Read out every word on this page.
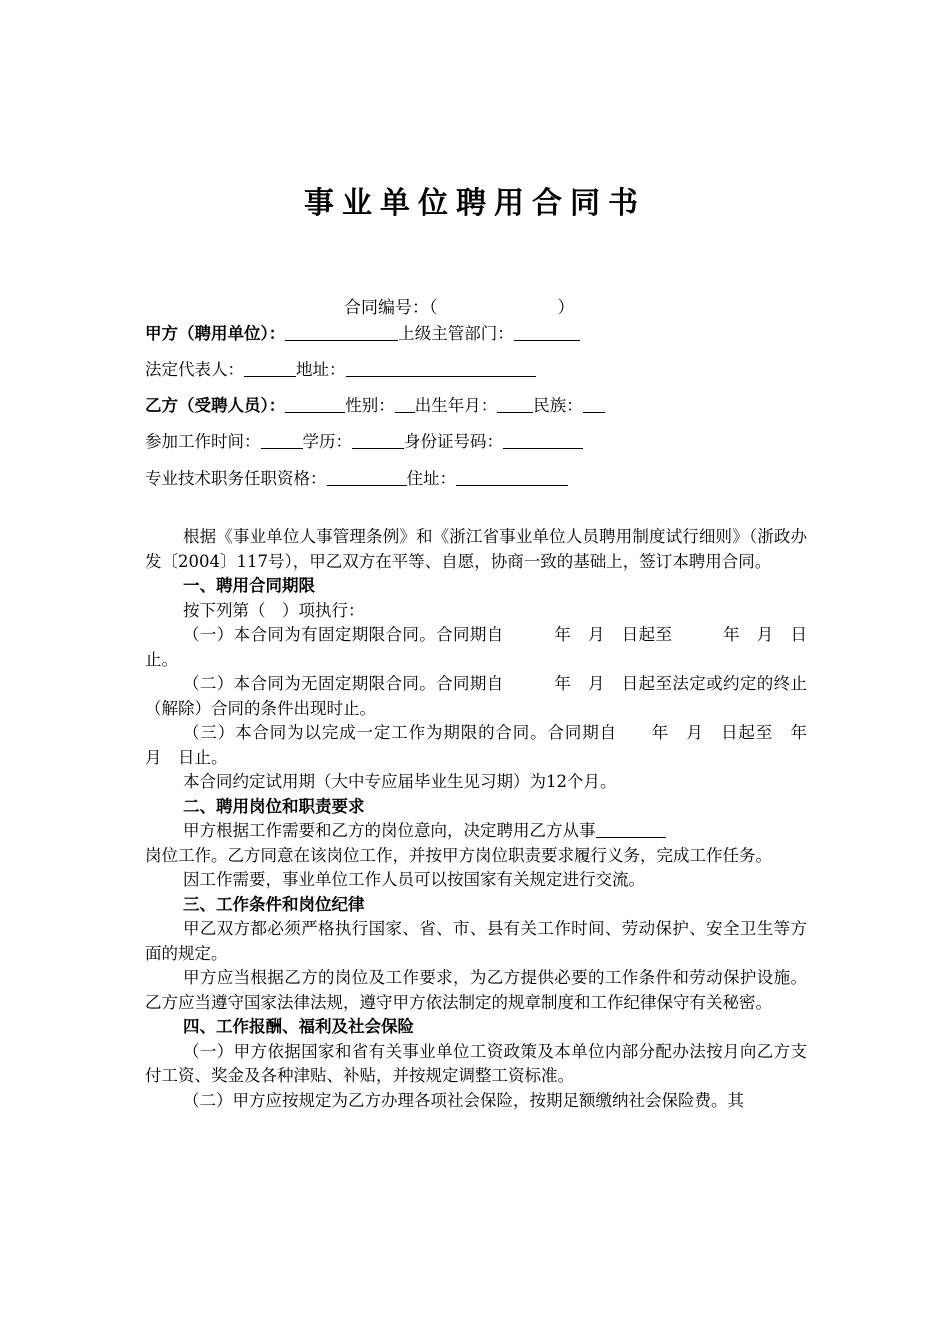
事业单位聘用合同书
合同编号：（	）
甲方（聘用单位）：	上级主管部门：
法定代表人：	地址：
乙方（受聘人员）：	性别： 出生年月： 民族：
参加工作时间：	学历：	身份证号码：
专业技术职务任职资格：	住址：

根据《事业单位人事管理条例》和《浙江省事业单位人员聘用制度试行细则》（浙政办发〔2004〕117号），甲乙双方在平等、自愿，协商一致的基础上，签订本聘用合同。

一、聘用合同期限

按下列第（　）项执行：

（一）本合同为有固定期限合同。合同期自　　　年　月　日起至　　　年　月　日止。

（二）本合同为无固定期限合同。合同期自　　　年　月　日起至法定或约定的终止（解除）合同的条件出现时止。

（三）本合同为以完成一定工作为期限的合同。合同期自　　年　月　日起至　年　月　日止。

本合同约定试用期（大中专应届毕业生见习期）为12个月。

二、聘用岗位和职责要求

甲方根据工作需要和乙方的岗位意向，决定聘用乙方从事

岗位工作。乙方同意在该岗位工作，并按甲方岗位职责要求履行义务，完成工作任务。

因工作需要，事业单位工作人员可以按国家有关规定进行交流。

三、工作条件和岗位纪律

甲乙双方都必须严格执行国家、省、市、县有关工作时间、劳动保护、安全卫生等方面的规定。

甲方应当根据乙方的岗位及工作要求，为乙方提供必要的工作条件和劳动保护设施。乙方应当遵守国家法律法规，遵守甲方依法制定的规章制度和工作纪律保守有关秘密。

四、工作报酬、福利及社会保险

（一）甲方依据国家和省有关事业单位工资政策及本单位内部分配办法按月向乙方支付工资、奖金及各种津贴、补贴，并按规定调整工资标准。

（二）甲方应按规定为乙方办理各项社会保险，按期足额缴纳社会保险费。其
